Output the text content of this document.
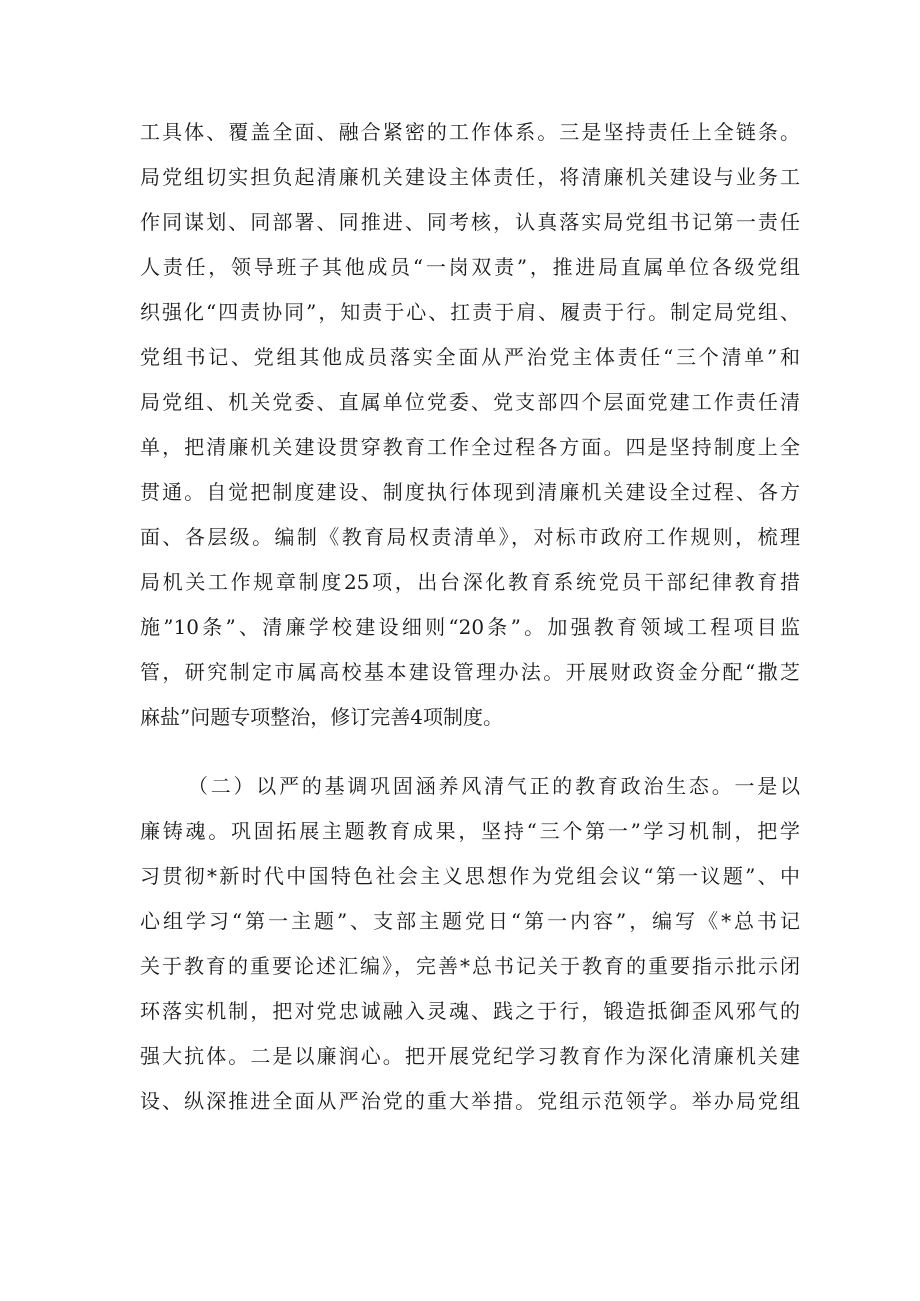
工具体、覆盖全面、融合紧密的工作体系。三是坚持责任上全链条。
局党组切实担负起清廉机关建设主体责任，将清廉机关建设与业务工
作同谋划、同部署、同推进、同考核，认真落实局党组书记第一责任
人责任，领导班子其他成员“一岗双责”，推进局直属单位各级党组
织强化“四责协同”，知责于心、扛责于肩、履责于行。制定局党组、
党组书记、党组其他成员落实全面从严治党主体责任“三个清单”和
局党组、机关党委、直属单位党委、党支部四个层面党建工作责任清
单，把清廉机关建设贯穿教育工作全过程各方面。四是坚持制度上全
贯通。自觉把制度建设、制度执行体现到清廉机关建设全过程、各方
面、各层级。编制《教育局权责清单》，对标市政府工作规则，梳理
局机关工作规章制度25项，出台深化教育系统党员干部纪律教育措
施”10条”、清廉学校建设细则“20条”。加强教育领域工程项目监
管，研究制定市属高校基本建设管理办法。开展财政资金分配“撒芝
麻盐”问题专项整治，修订完善4项制度。
（二）以严的基调巩固涵养风清气正的教育政治生态。一是以
廉铸魂。巩固拓展主题教育成果，坚持“三个第一”学习机制，把学
习贯彻*新时代中国特色社会主义思想作为党组会议“第一议题”、中
心组学习“第一主题”、支部主题党日“第一内容”，编写《*总书记
关于教育的重要论述汇编》，完善*总书记关于教育的重要指示批示闭
环落实机制，把对党忠诚融入灵魂、践之于行，锻造抵御歪风邪气的
强大抗体。二是以廉润心。把开展党纪学习教育作为深化清廉机关建
设、纵深推进全面从严治党的重大举措。党组示范领学。举办局党组
